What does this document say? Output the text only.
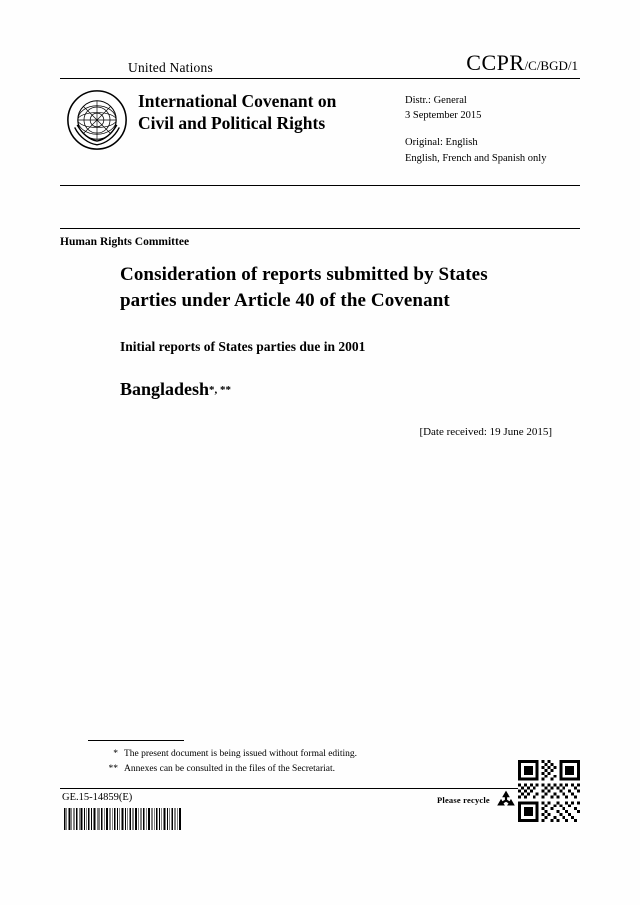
United Nations	CCPR/C/BGD/1
International Covenant on
Civil and Political Rights
Distr.: General
3 September 2015
Original: English
English, French and Spanish only
Human Rights Committee
Consideration of reports submitted by States
parties under Article 40 of the Covenant
Initial reports of States parties due in 2001
Bangladesh*, **
[Date received: 19 June 2015]
* The present document is being issued without formal editing.
** Annexes can be consulted in the files of the Secretariat.
GE.15-14859(E)	Please recycle
